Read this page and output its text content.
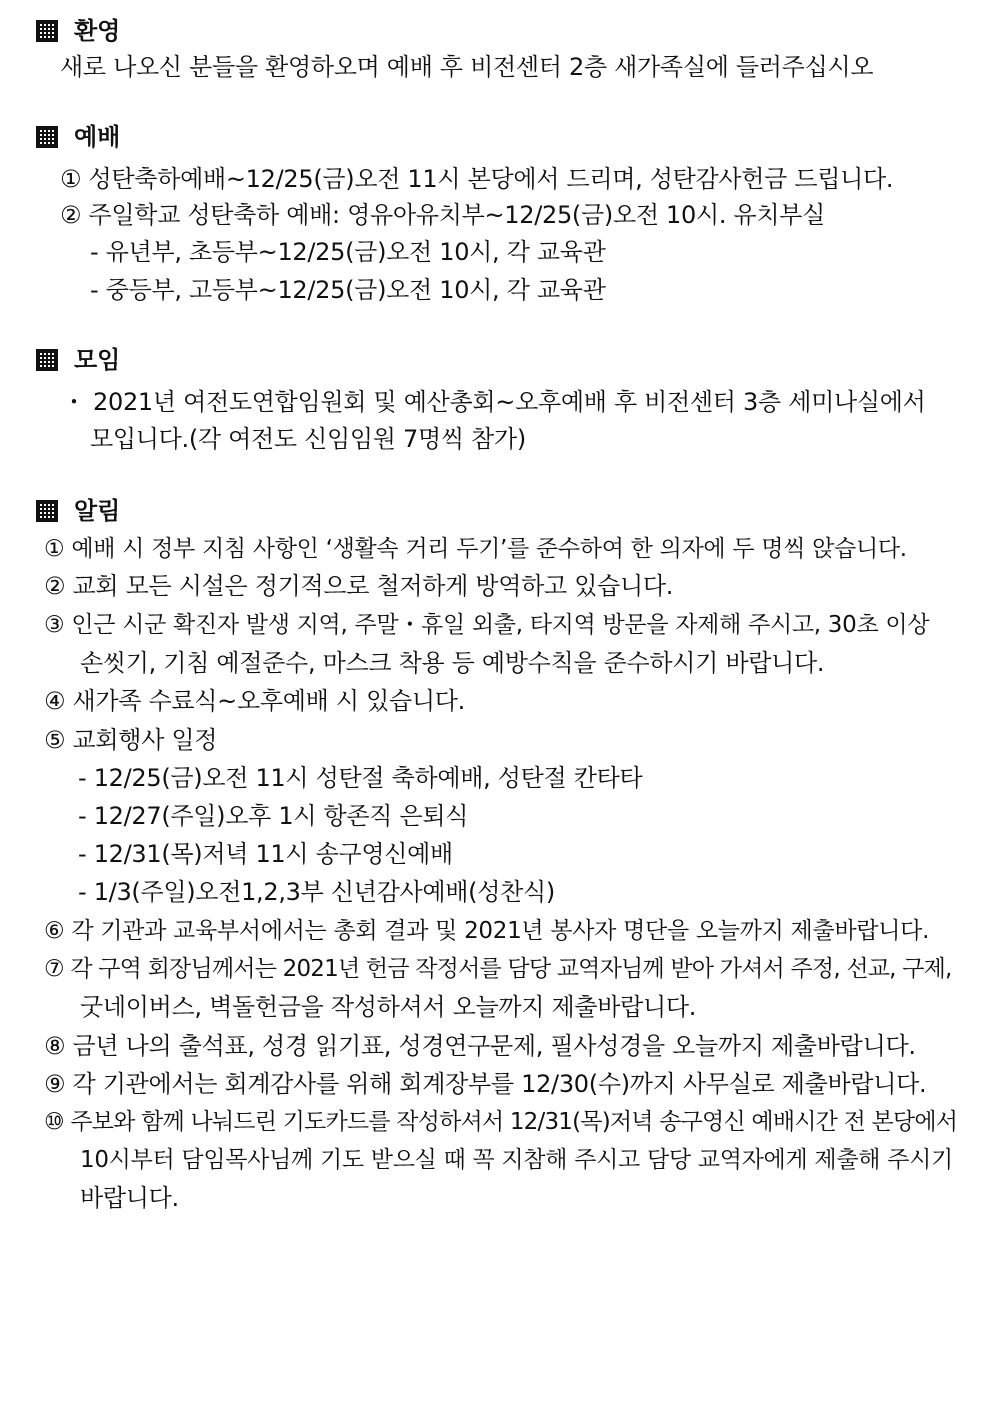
환영
새로 나오신 분들을 환영하오며 예배 후 비전센터 2층 새가족실에 들러주십시오
예배
① 성탄축하예배~12/25(금)오전 11시 본당에서 드리며, 성탄감사헌금 드립니다.
② 주일학교 성탄축하 예배: 영유아유치부~12/25(금)오전 10시. 유치부실
- 유년부, 초등부~12/25(금)오전 10시, 각 교육관
- 중등부, 고등부~12/25(금)오전 10시, 각 교육관
모임
・ 2021년 여전도연합임원회 및 예산총회~오후예배 후 비전센터 3층 세미나실에서
모입니다.(각 여전도 신임임원 7명씩 참가)
알림
① 예배 시 정부 지침 사항인 ‘생활속 거리 두기’를 준수하여 한 의자에 두 명씩 앉습니다.
② 교회 모든 시설은 정기적으로 철저하게 방역하고 있습니다.
③ 인근 시군 확진자 발생 지역, 주말・휴일 외출, 타지역 방문을 자제해 주시고, 30초 이상
손씻기, 기침 예절준수, 마스크 착용 등 예방수칙을 준수하시기 바랍니다.
④ 새가족 수료식~오후예배 시 있습니다.
⑤ 교회행사 일정
- 12/25(금)오전 11시 성탄절 축하예배, 성탄절 칸타타
- 12/27(주일)오후 1시 항존직 은퇴식
- 12/31(목)저녁 11시 송구영신예배
- 1/3(주일)오전1,2,3부 신년감사예배(성찬식)
⑥ 각 기관과 교육부서에서는 총회 결과 및 2021년 봉사자 명단을 오늘까지 제출바랍니다.
⑦ 각 구역 회장님께서는 2021년 헌금 작정서를 담당 교역자님께 받아 가셔서 주정, 선교, 구제,
굿네이버스, 벽돌헌금을 작성하셔서 오늘까지 제출바랍니다.
⑧ 금년 나의 출석표, 성경 읽기표, 성경연구문제, 필사성경을 오늘까지 제출바랍니다.
⑨ 각 기관에서는 회계감사를 위해 회계장부를 12/30(수)까지 사무실로 제출바랍니다.
⑩ 주보와 함께 나눠드린 기도카드를 작성하셔서 12/31(목)저녁 송구영신 예배시간 전 본당에서
10시부터 담임목사님께 기도 받으실 때 꼭 지참해 주시고 담당 교역자에게 제출해 주시기
바랍니다.
